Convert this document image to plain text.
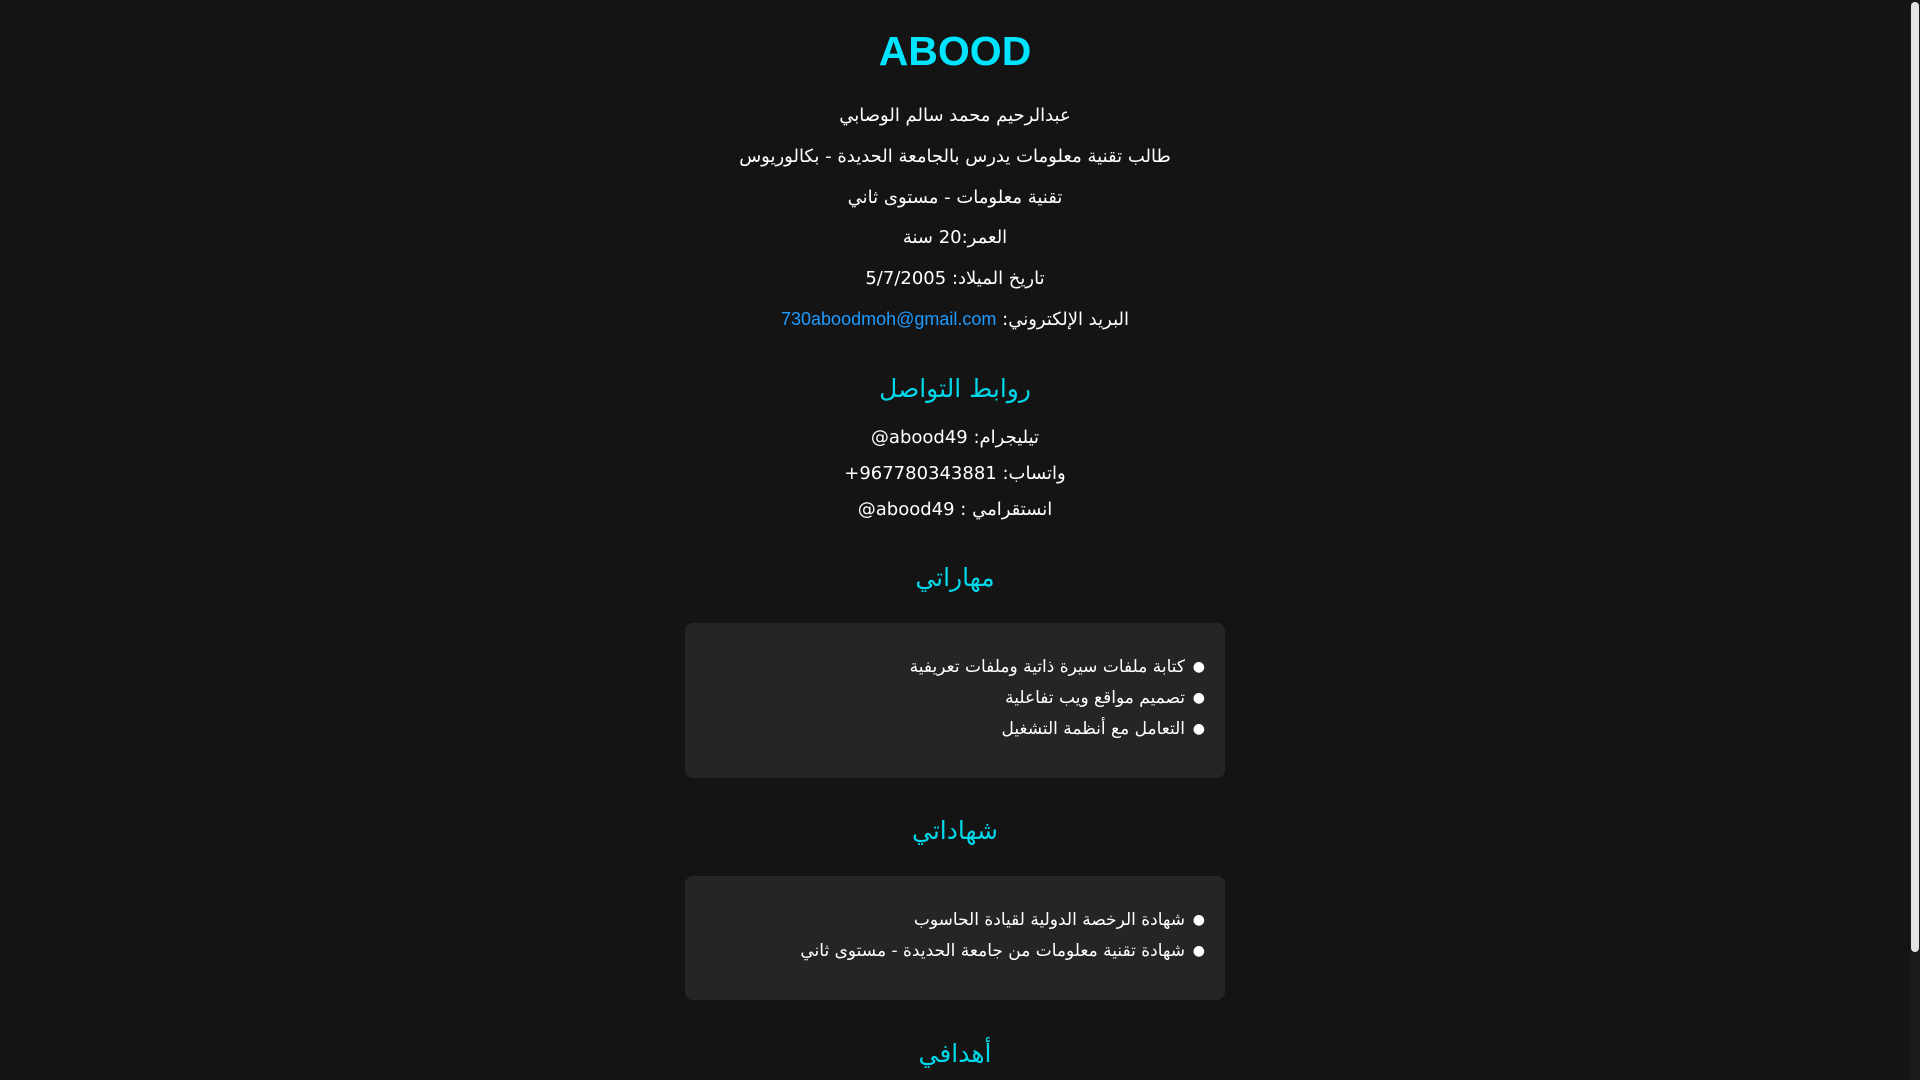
ABOOD

عبدالرحيم محمد سالم الوصابي

طالب تقنية معلومات يدرس بالجامعة الحديدة - بكالوريوس

تقنية معلومات - مستوى ثاني

العمر:20 سنة

تاريخ الميلاد: 5/7/2005

البريد الإلكتروني: 730aboodmoh@gmail.com

روابط التواصل

تيليجرام: @abood49

واتساب: +967780343881

انستقرامي : @abood49

مهاراتي
●
كتابة ملفات سيرة ذاتية وملفات تعريفية
●
تصميم مواقع ويب تفاعلية
●
التعامل مع أنظمة التشغيل
شهاداتي
●
شهادة الرخصة الدولية لقيادة الحاسوب
●
شهادة تقنية معلومات من جامعة الحديدة - مستوى ثاني
أهدافي
